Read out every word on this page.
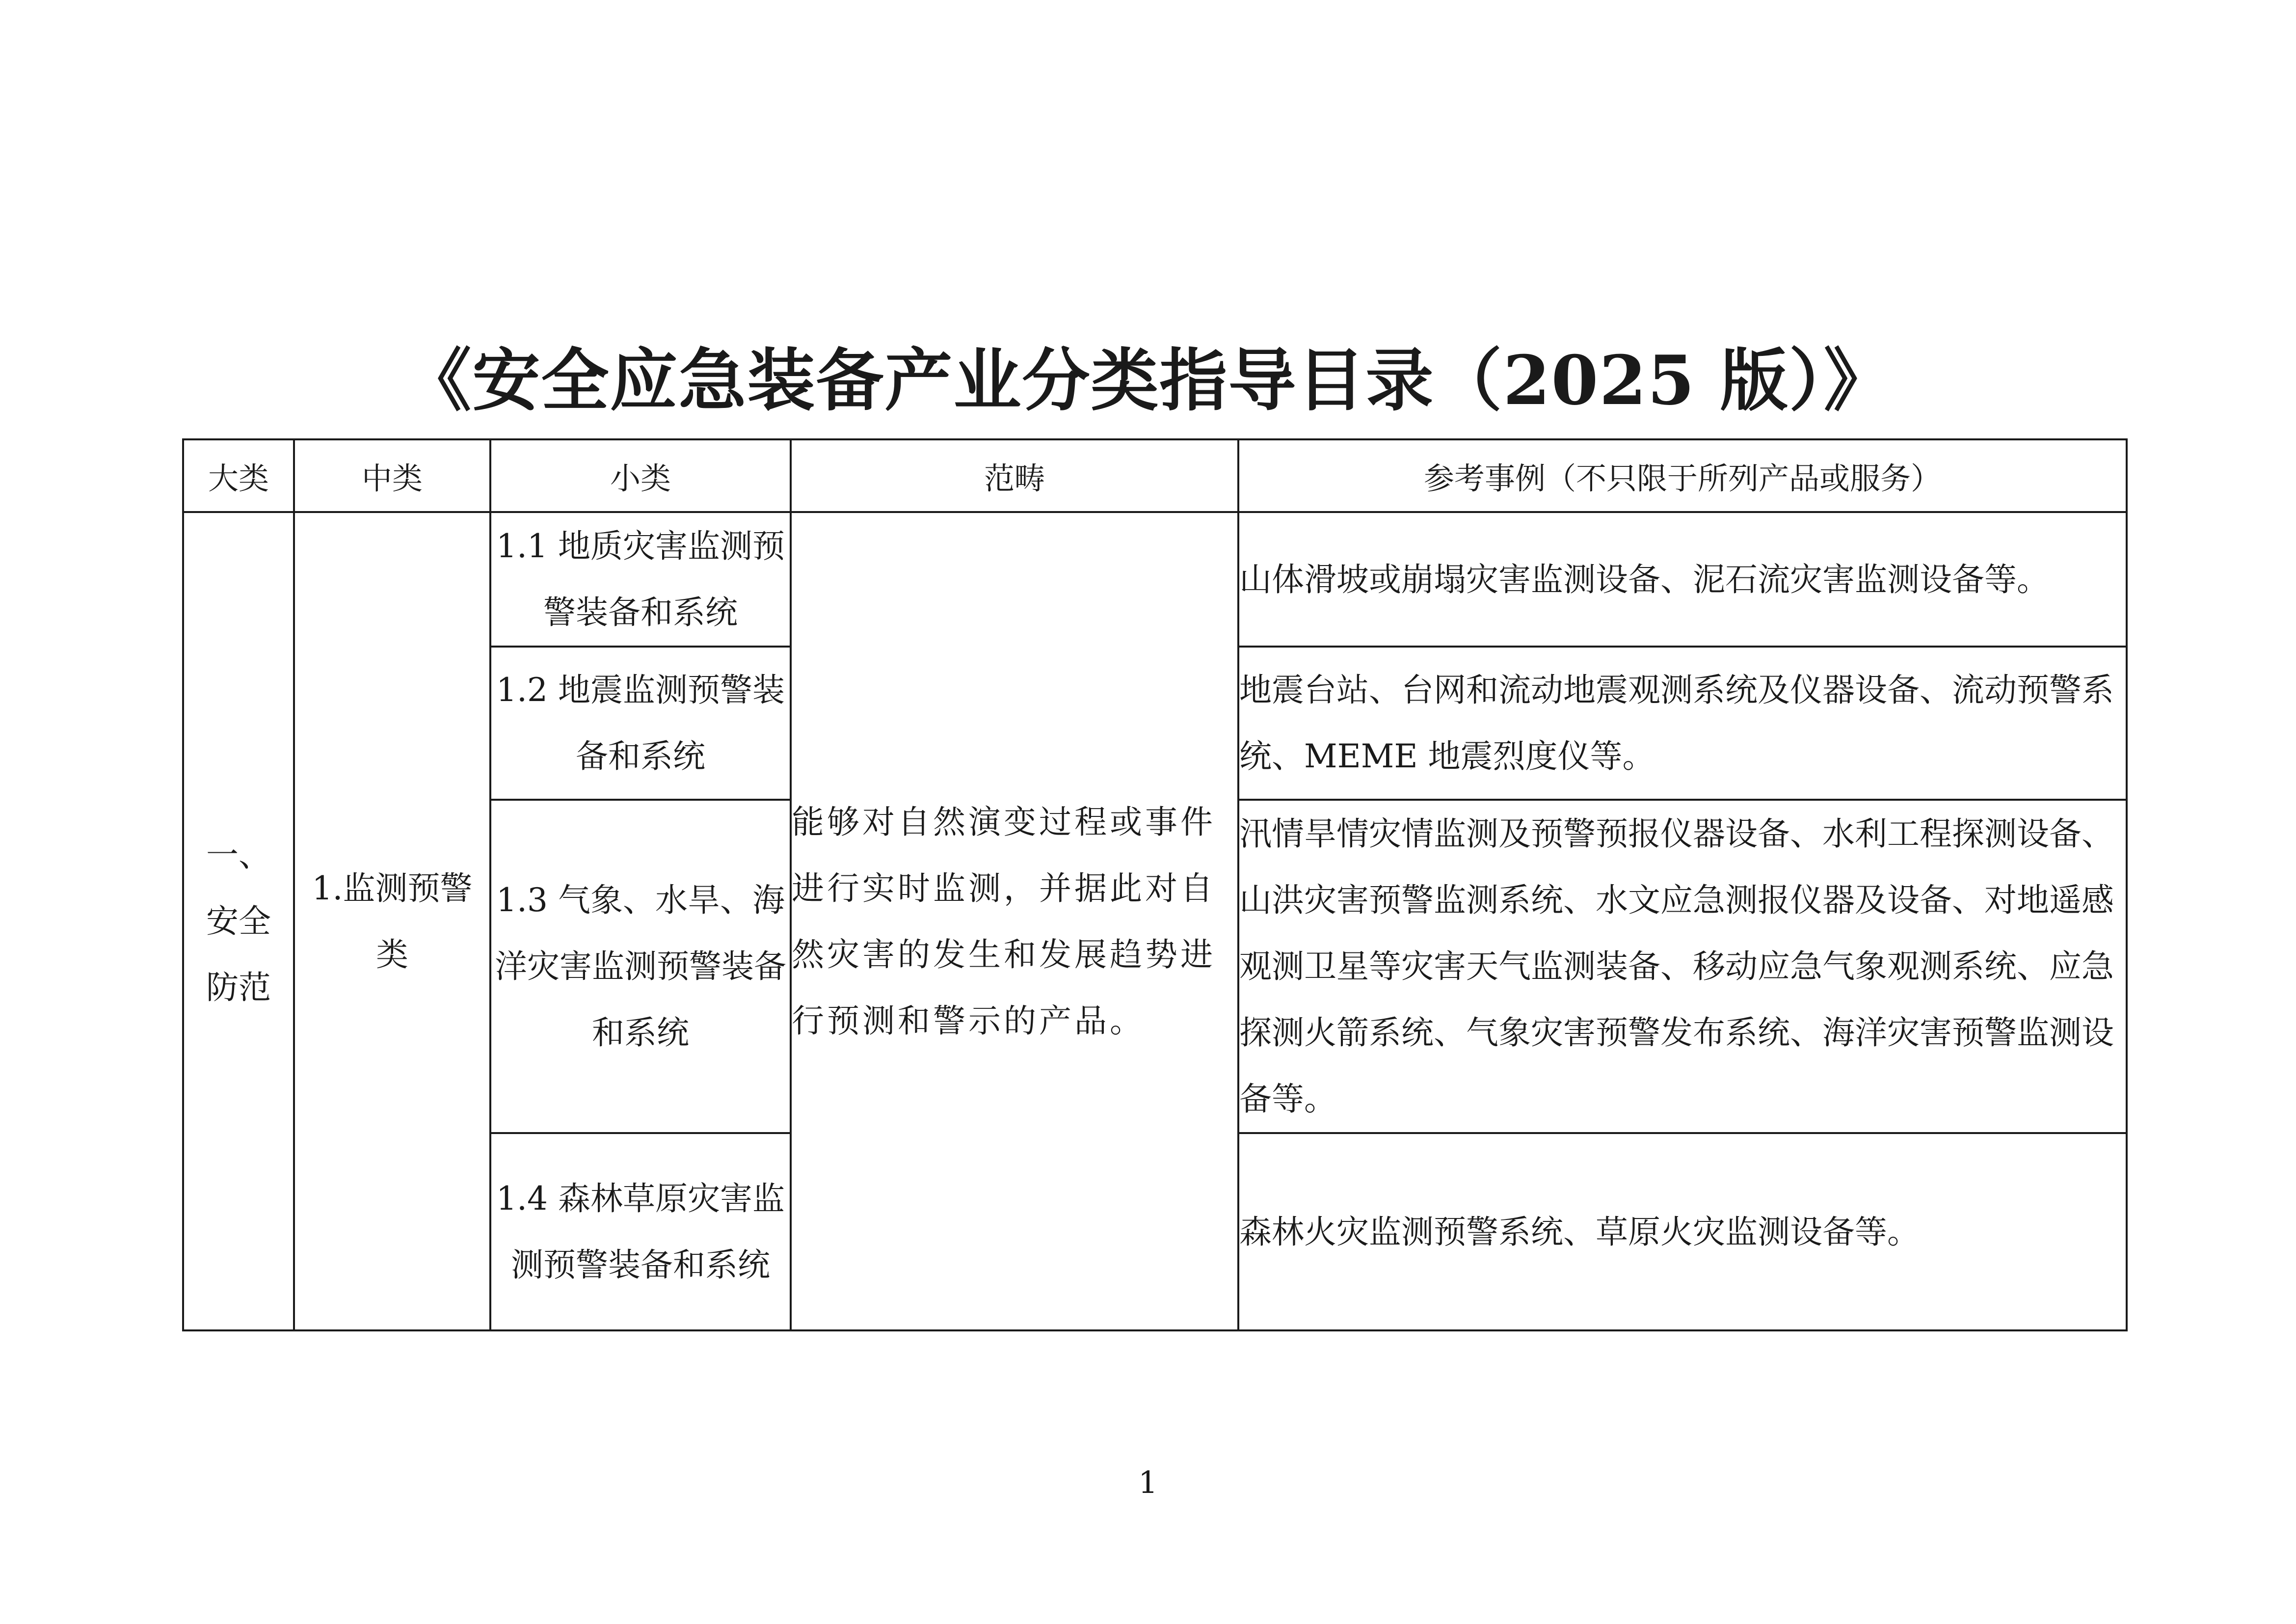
《安全应急装备产业分类指导目录（2025 版）》
大类	中类	小类	范畴	参考事例（不只限于所列产品或服务）
一、安全防范	1.监测预警类	1.1 地质灾害监测预警装备和系统	能够对自然演变过程或事件进行实时监测，并据此对自然灾害的发生和发展趋势进行预测和警示的产品。	山体滑坡或崩塌灾害监测设备、泥石流灾害监测设备等。
		1.2 地震监测预警装备和系统		地震台站、台网和流动地震观测系统及仪器设备、流动预警系统、MEME 地震烈度仪等。
		1.3 气象、水旱、海洋灾害监测预警装备和系统		汛情旱情灾情监测及预警预报仪器设备、水利工程探测设备、山洪灾害预警监测系统、水文应急测报仪器及设备、对地遥感观测卫星等灾害天气监测装备、移动应急气象观测系统、应急探测火箭系统、气象灾害预警发布系统、海洋灾害预警监测设备等。
		1.4 森林草原灾害监测预警装备和系统		森林火灾监测预警系统、草原火灾监测设备等。
1
